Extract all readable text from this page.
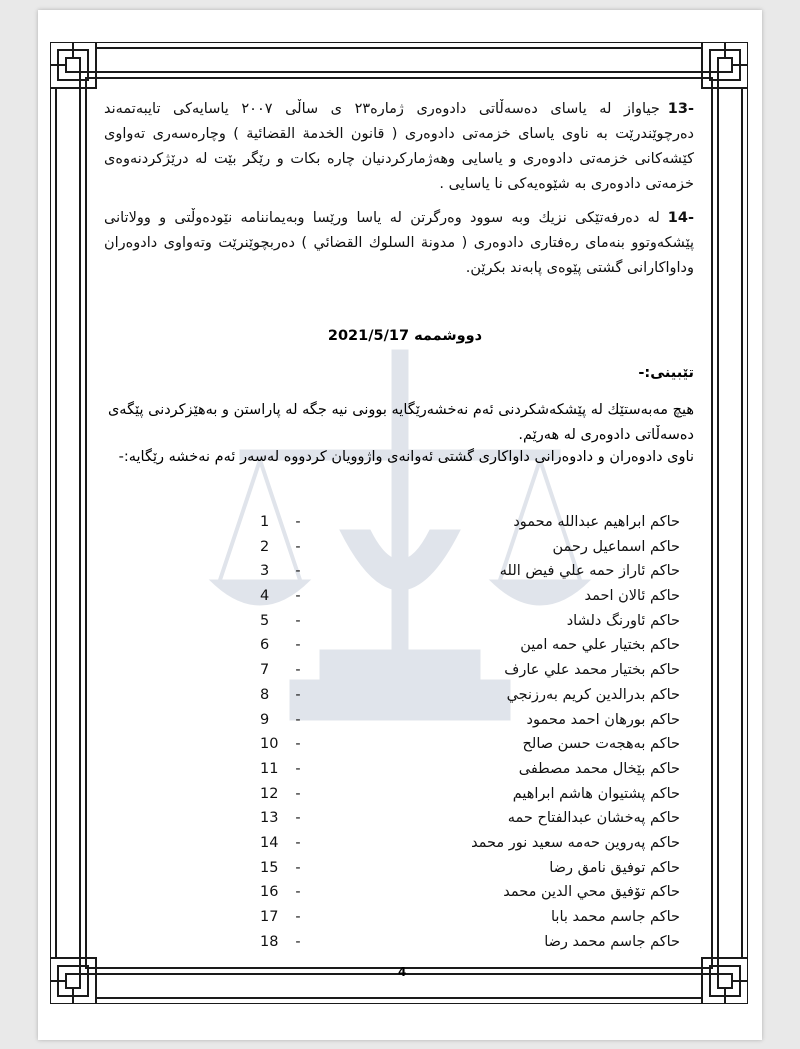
-13جیاواز لە یاسای دەسەڵاتی دادوەری ژمارە٢٣ ی ساڵی ٢٠٠٧ یاسایەکی تایبەتمەند دەرچوێندرێت بە ناوی یاسای خزمەتی دادوەری ( قانون الخدمة القضائية ) وچارەسەری تەواوی کێشەکانی خزمەتی دادوەری و یاسایی وهەژمارکردنیان چارە بکات و رێگر بێت لە درێژکردنەوەی خزمەتی دادوەری بە شێوەیەکی نا یاسایی .
-14لە دەرفەتێکی نزیك وبە سوود وەرگرتن لە یاسا ورێسا وبەیماننامە نێودەوڵتی و وولاتانی پێشکەوتوو بنەمای رەفتاری دادوەری ( مدونة السلوك القضائي ) دەربچوێنرێت وتەواوی دادوەران وداواکارانی گشتی پێوەی پابەند بکرێن.
دووشممە 2021/5/17
تێبینی:-
هیچ مەبەستێك لە پێشکەشکردنی ئەم نەخشەرێگایە بوونی نیە جگە لە پاراستن و بەهێزکردنی پێگەی دەسەڵاتی دادوەری لە هەرێم.
ناوی دادوەران و دادوەرانی داواکاری گشتی ئەوانەی واژوویان کردووە لەسەر ئەم نەخشە رێگایە:-
حاکم ابراهيم عبدالله محمود
-
1
حاکم اسماعيل رحمن
-
2
حاکم ئاراز حمە علي فيض الله
-
3
حاکم ئالان احمد
-
4
حاکم ئاورنگ دلشاد
-
5
حاکم بختيار علي حمه امين
-
6
حاکم بختيار محمد علي عارف
-
7
حاکم بدرالدين كريم بەرزنجي
-
8
حاکم بورهان احمد محمود
-
9
حاکم بەهجەت حسن صالح
-
10
حاکم بێخال محمد مصطفى
-
11
حاکم پشتيوان هاشم ابراهيم
-
12
حاکم پەخشان عبدالفتاح حمە
-
13
حاکم پەروین حەمە سعيد نور محمد
-
14
حاکم توفيق نامق رضا
-
15
حاکم تۆفيق محي الدين محمد
-
16
حاکم جاسم محمد بابا
-
17
حاکم جاسم محمد رضا
-
18
4
